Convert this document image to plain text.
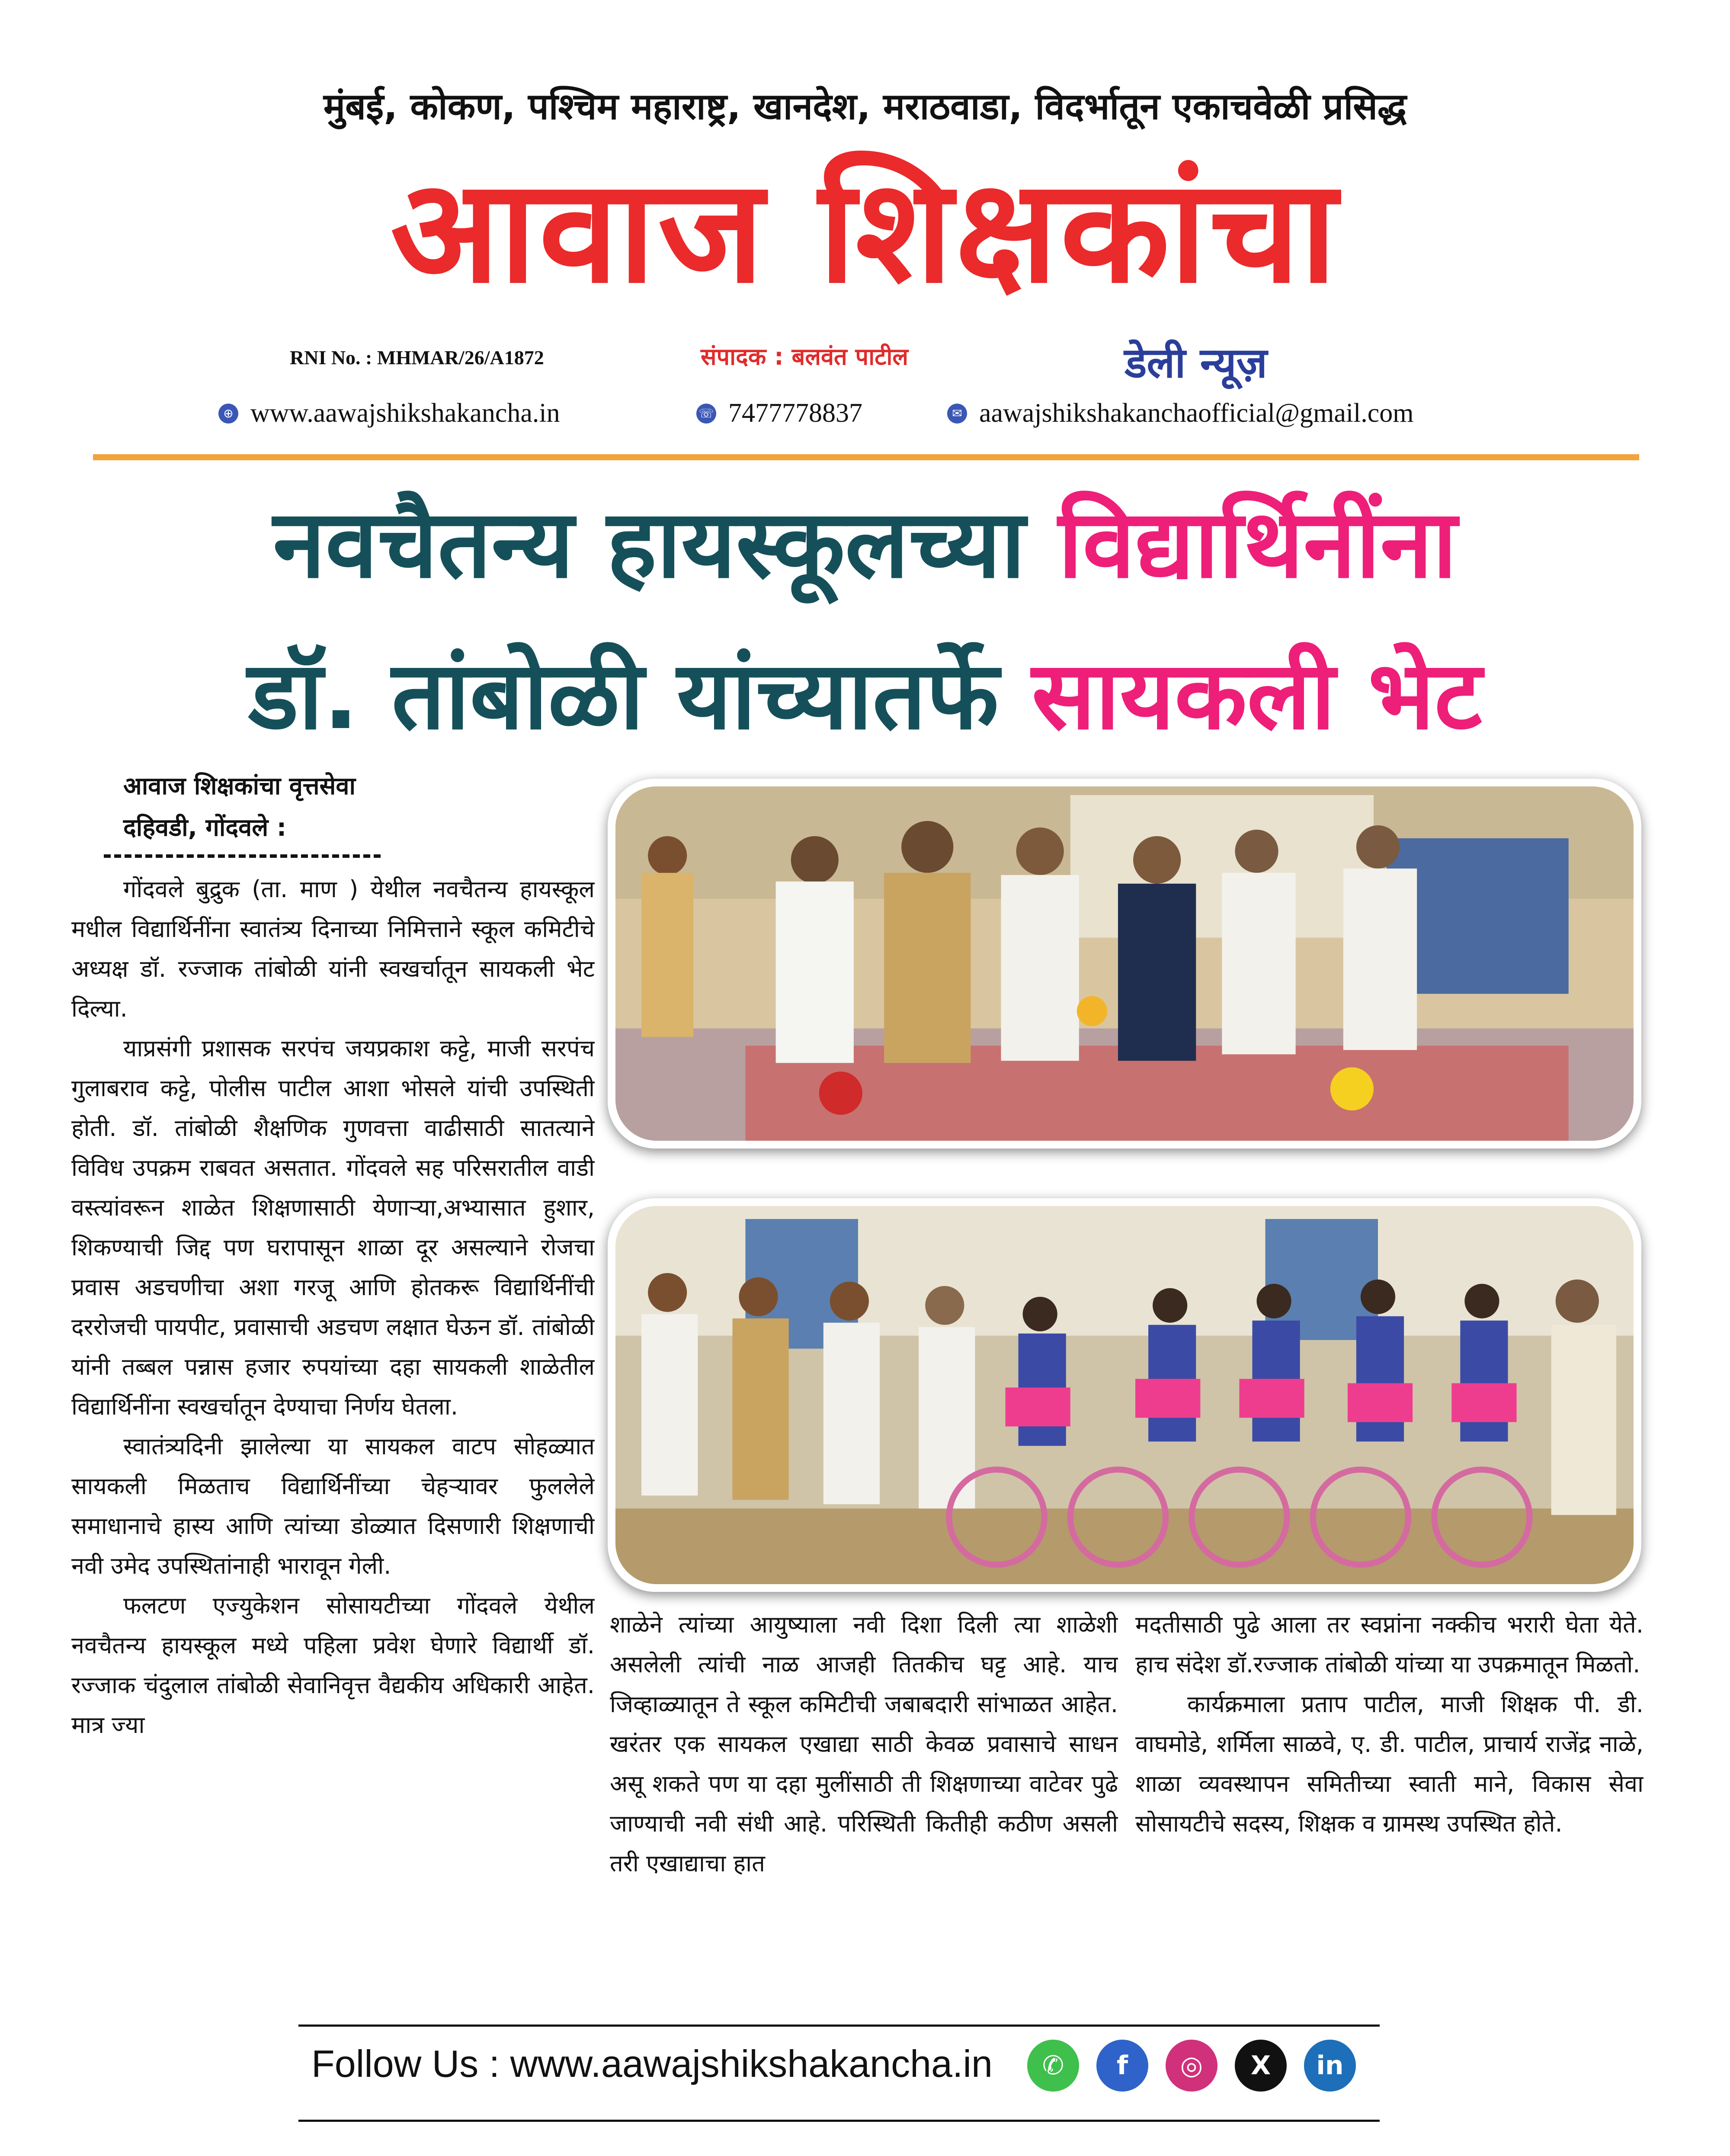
मुंबई, कोकण, पश्चिम महाराष्ट्र, खानदेश, मराठवाडा, विदर्भातून एकाचवेळी प्रसिद्ध
आवाज शिक्षकांचा
RNI No. : MHMAR/26/A1872	संपादक : बलवंत पाटील	डेली न्यूज़
⊕ www.aawajshikshakancha.in	☏ 7477778837	✉ aawajshikshakanchaofficial@gmail.com
नवचैतन्य हायस्कूलच्या विद्यार्थिनींना
डॉ. तांबोळी यांच्यातर्फे सायकली भेट
आवाज शिक्षकांचा वृत्तसेवा
दहिवडी, गोंदवले :

गोंदवले बुद्रुक (ता. माण ) येथील नवचैतन्य हायस्कूल मधील विद्यार्थिनींना स्वातंत्र्य दिनाच्या निमित्ताने स्कूल कमिटीचे अध्यक्ष डॉ. रज्जाक तांबोळी यांनी स्वखर्चातून सायकली भेट दिल्या.

याप्रसंगी प्रशासक सरपंच जयप्रकाश कट्टे, माजी सरपंच गुलाबराव कट्टे, पोलीस पाटील आशा भोसले यांची उपस्थिती होती. डॉ. तांबोळी शैक्षणिक गुणवत्ता वाढीसाठी सातत्याने विविध उपक्रम राबवत असतात. गोंदवले सह परिसरातील वाडी वस्त्यांवरून शाळेत शिक्षणासाठी येणाऱ्या,अभ्यासात हुशार, शिकण्याची जिद्द पण घरापासून शाळा दूर असल्याने रोजचा प्रवास अडचणीचा अशा गरजू आणि होतकरू विद्यार्थिनींची दररोजची पायपीट, प्रवासाची अडचण लक्षात घेऊन डॉ. तांबोळी यांनी तब्बल पन्नास हजार रुपयांच्या दहा सायकली शाळेतील विद्यार्थिनींना स्वखर्चातून देण्याचा निर्णय घेतला.

स्वातंत्र्यदिनी झालेल्या या सायकल वाटप सोहळ्यात सायकली मिळताच विद्यार्थिनींच्या चेहऱ्यावर फुललेले समाधानाचे हास्य आणि त्यांच्या डोळ्यात दिसणारी शिक्षणाची नवी उमेद उपस्थितांनाही भारावून गेली.

फलटण एज्युकेशन सोसायटीच्या गोंदवले येथील नवचैतन्य हायस्कूल मध्ये पहिला प्रवेश घेणारे विद्यार्थी डॉ. रज्जाक चंदुलाल तांबोळी सेवानिवृत्त वैद्यकीय अधिकारी आहेत. मात्र ज्या

शाळेने त्यांच्या आयुष्याला नवी दिशा दिली त्या शाळेशी असलेली त्यांची नाळ आजही तितकीच घट्ट आहे. याच जिव्हाळ्यातून ते स्कूल कमिटीची जबाबदारी सांभाळत आहेत. खरंतर एक सायकल एखाद्या साठी केवळ प्रवासाचे साधन असू शकते पण या दहा मुलींसाठी ती शिक्षणाच्या वाटेवर पुढे जाण्याची नवी संधी आहे. परिस्थिती कितीही कठीण असली तरी एखाद्याचा हात

मदतीसाठी पुढे आला तर स्वप्नांना नक्कीच भरारी घेता येते. हाच संदेश डॉ.रज्जाक तांबोळी यांच्या या उपक्रमातून मिळतो.

कार्यक्रमाला प्रताप पाटील, माजी शिक्षक पी. डी. वाघमोडे, शर्मिला साळवे, ए. डी. पाटील, प्राचार्य राजेंद्र नाळे, शाळा व्यवस्थापन समितीच्या स्वाती माने, विकास सेवा सोसायटीचे सदस्य, शिक्षक व ग्रामस्थ उपस्थित होते.

Follow Us : www.aawajshikshakancha.in	✆	f	◎	X	in
